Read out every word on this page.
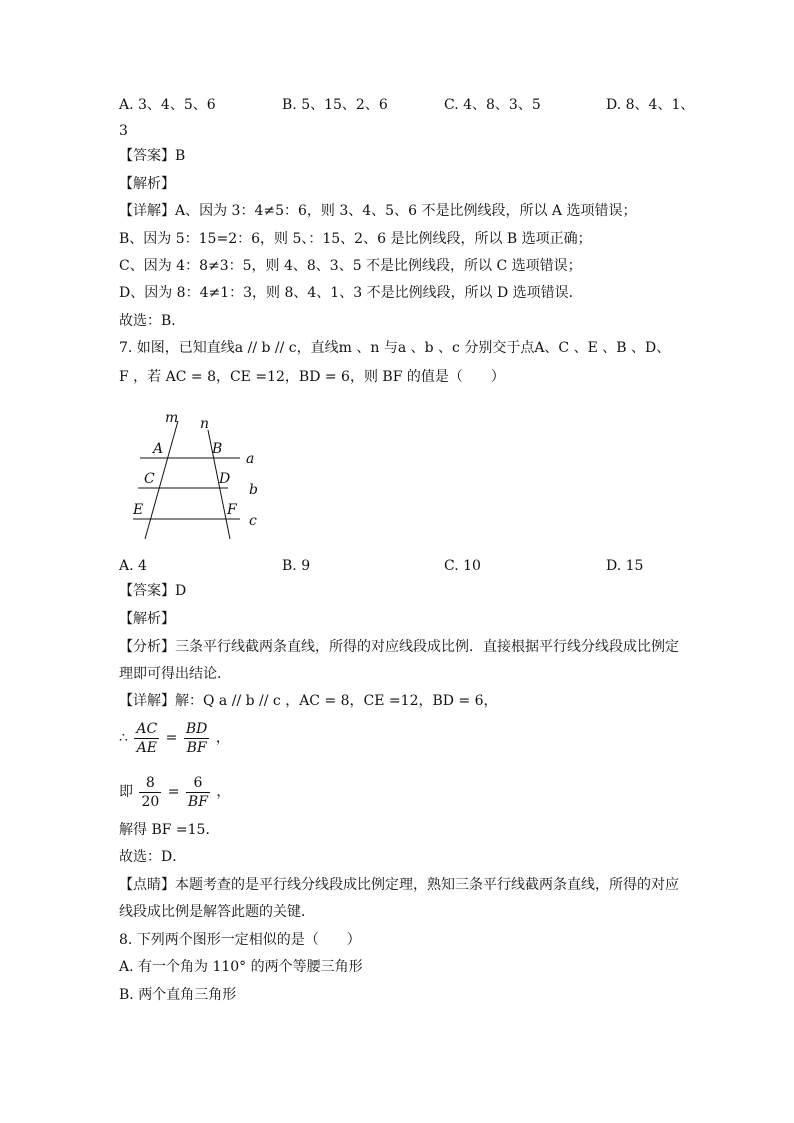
A. 3、4、5、6	B. 5、15、2、6	C. 4、8、3、5	D. 8、4、1、
3
【答案】B
【解析】
【详解】A、因为 3：4≠5：6，则 3、4、5、6 不是比例线段，所以 A 选项错误；
B、因为 5：15=2：6，则 5、：15、2、6 是比例线段，所以 B 选项正确；
C、因为 4：8≠3：5，则 4、8、3、5 不是比例线段，所以 C 选项错误；
D、因为 8：4≠1：3，则 8、4、1、3 不是比例线段，所以 D 选项错误．
故选：B．
7. 如图，已知直线a // b // c，直线m 、n 与a 、b 、c 分别交于点A、C 、E 、B 、D、
F ，若 AC = 8，CE =12，BD = 6，则 BF 的值是（　　）
m n
A	B
C	D
E	F
a
b
c
A. 4	B. 9	C. 10	D. 15
【答案】D
【解析】
【分析】三条平行线截两条直线，所得的对应线段成比例．直接根据平行线分线段成比例定
理即可得出结论．
【详解】解：Q a // b // c ，AC = 8，CE =12，BD = 6，
∴ $\frac{AC}{AE} = \frac{BD}{BF}$ ，
即 $\frac{8}{20} = \frac{6}{BF}$ ，
解得 BF =15．
故选：D．
【点睛】本题考查的是平行线分线段成比例定理，熟知三条平行线截两条直线，所得的对应
线段成比例是解答此题的关键．
8. 下列两个图形一定相似的是（　　）
A. 有一个角为 110° 的两个等腰三角形
B. 两个直角三角形
